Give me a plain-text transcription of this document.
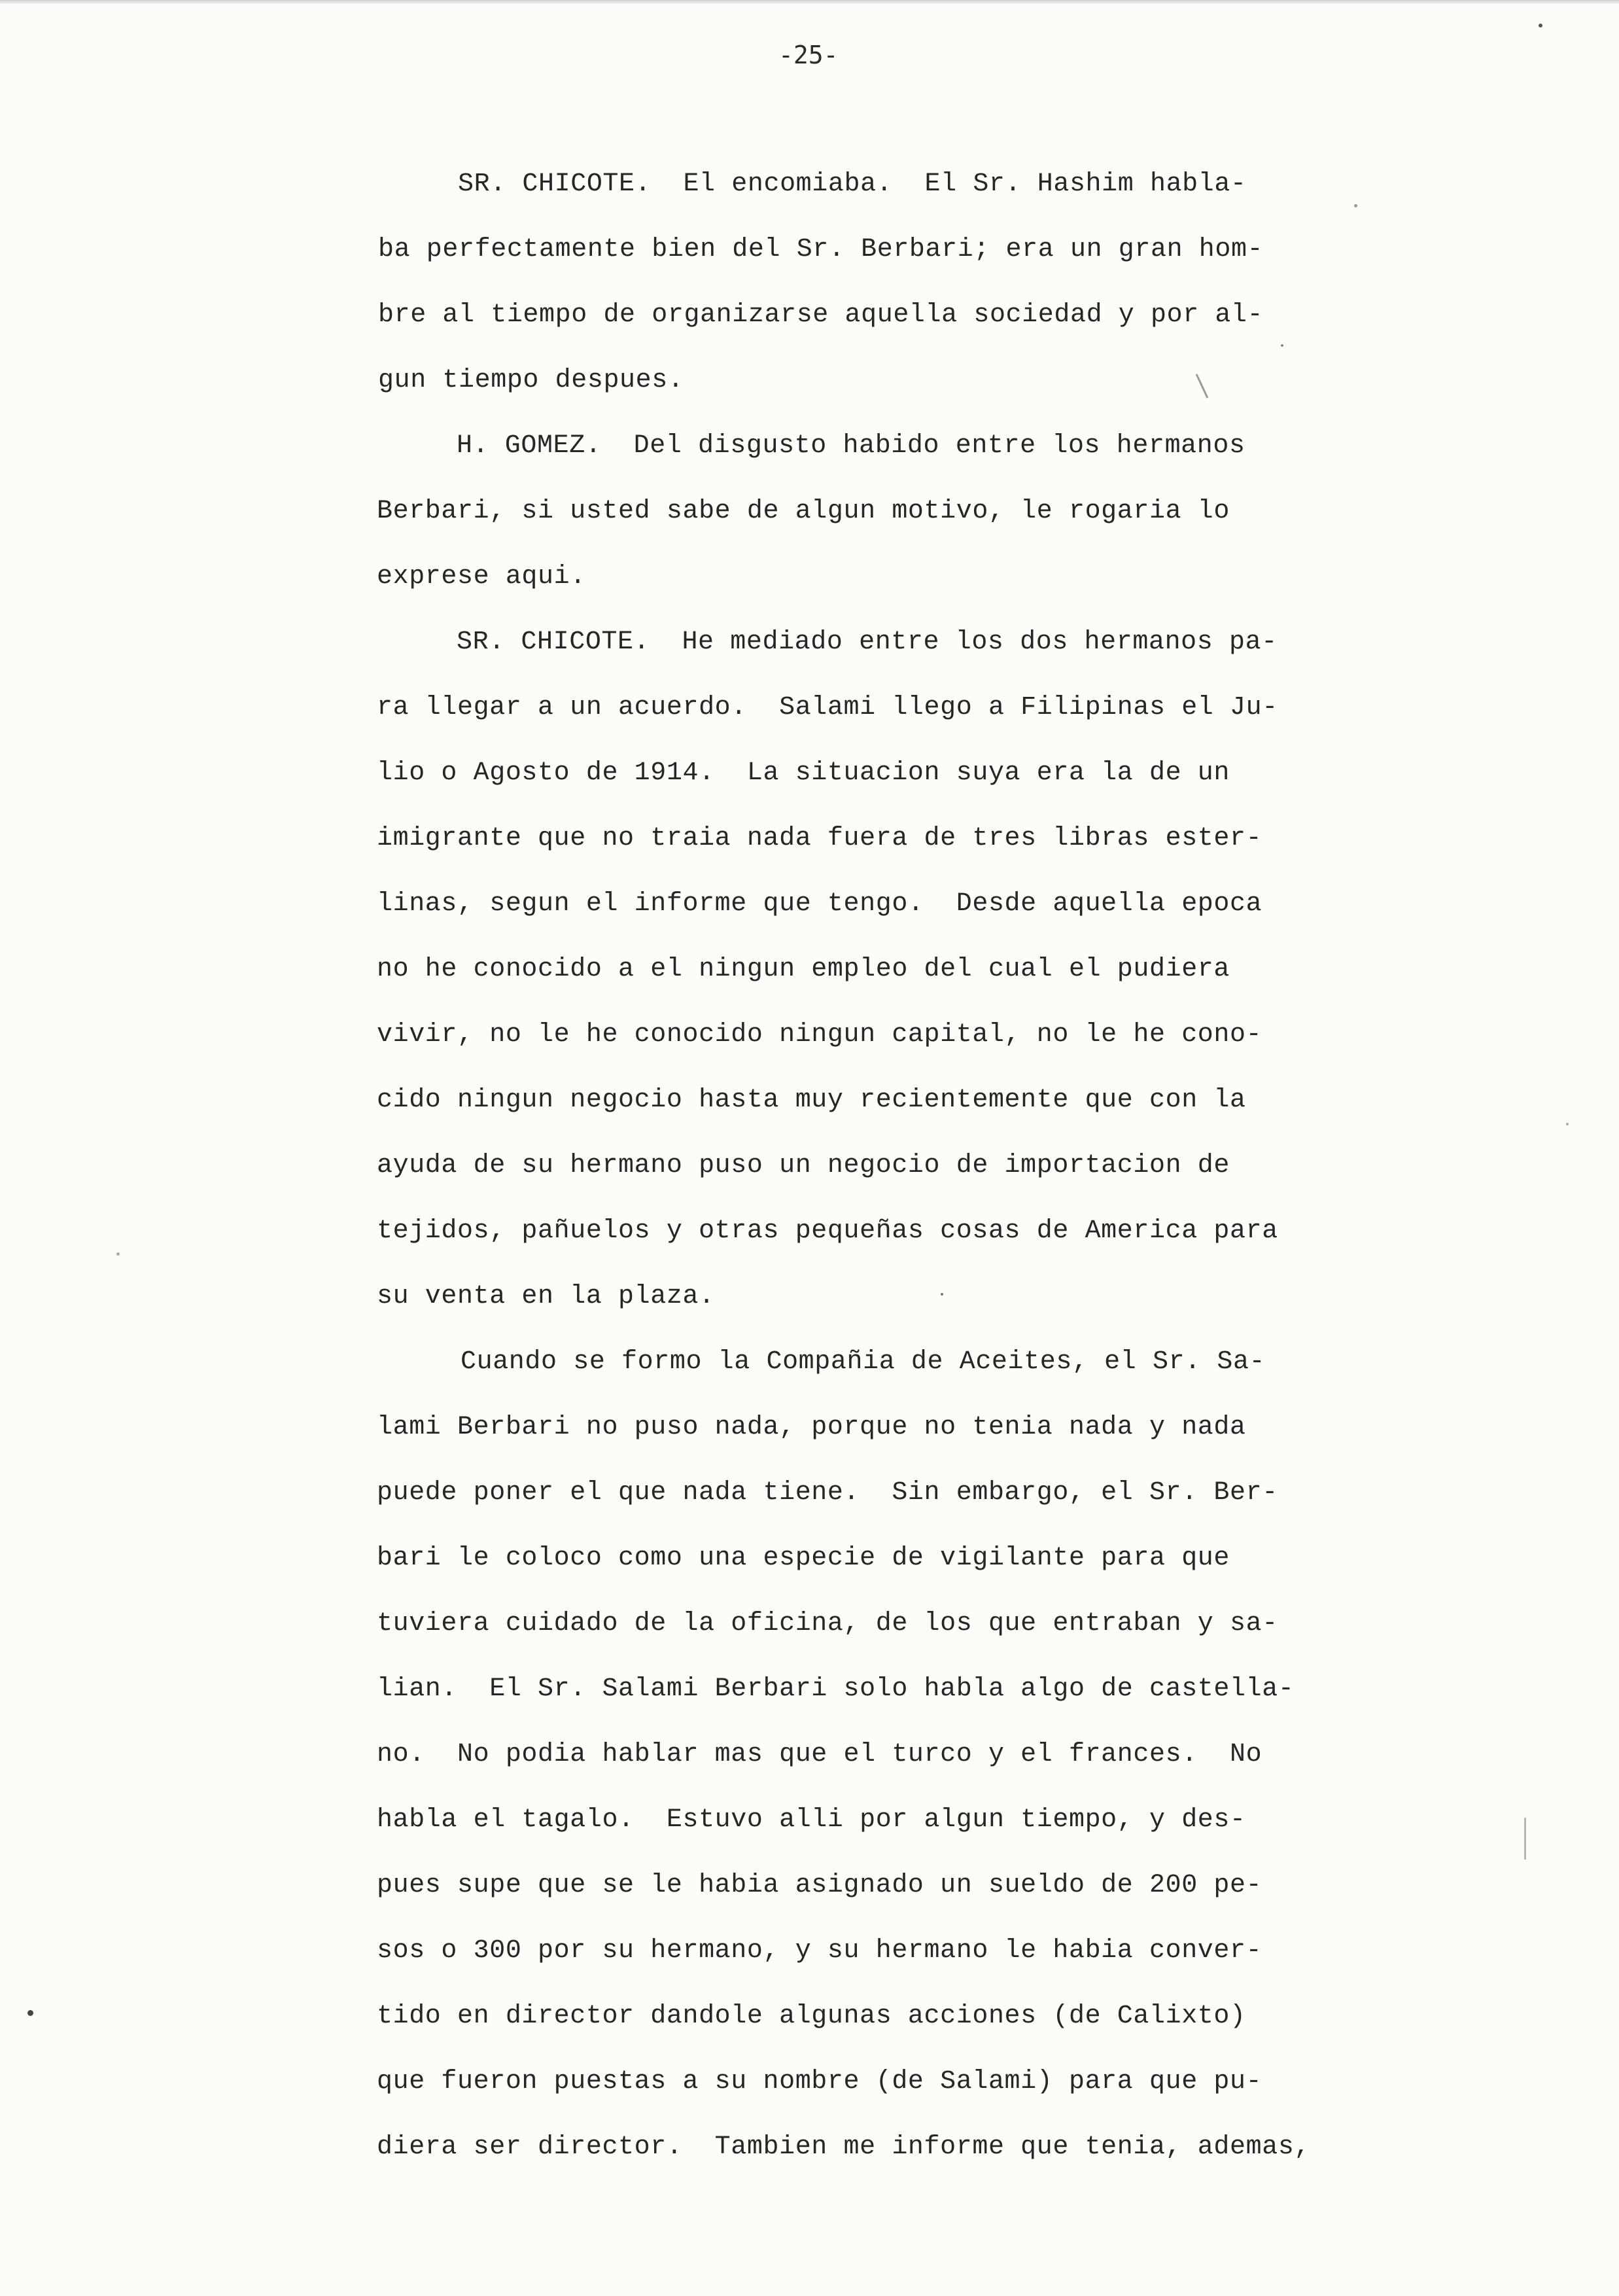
-25-
SR. CHICOTE.  El encomiaba.  El Sr. Hashim habla-
ba perfectamente bien del Sr. Berbari; era un gran hom-
bre al tiempo de organizarse aquella sociedad y por al-
gun tiempo despues.
H. GOMEZ.  Del disgusto habido entre los hermanos
Berbari, si usted sabe de algun motivo, le rogaria lo
exprese aqui.
SR. CHICOTE.  He mediado entre los dos hermanos pa-
ra llegar a un acuerdo.  Salami llego a Filipinas el Ju-
lio o Agosto de 1914.  La situacion suya era la de un
imigrante que no traia nada fuera de tres libras ester-
linas, segun el informe que tengo.  Desde aquella epoca
no he conocido a el ningun empleo del cual el pudiera
vivir, no le he conocido ningun capital, no le he cono-
cido ningun negocio hasta muy recientemente que con la
ayuda de su hermano puso un negocio de importacion de
tejidos, pañuelos y otras pequeñas cosas de America para
su venta en la plaza.
Cuando se formo la Compañia de Aceites, el Sr. Sa-
lami Berbari no puso nada, porque no tenia nada y nada
puede poner el que nada tiene.  Sin embargo, el Sr. Ber-
bari le coloco como una especie de vigilante para que
tuviera cuidado de la oficina, de los que entraban y sa-
lian.  El Sr. Salami Berbari solo habla algo de castella-
no.  No podia hablar mas que el turco y el frances.  No
habla el tagalo.  Estuvo alli por algun tiempo, y des-
pues supe que se le habia asignado un sueldo de 200 pe-
sos o 300 por su hermano, y su hermano le habia conver-
tido en director dandole algunas acciones (de Calixto)
que fueron puestas a su nombre (de Salami) para que pu-
diera ser director.  Tambien me informe que tenia, ademas,
